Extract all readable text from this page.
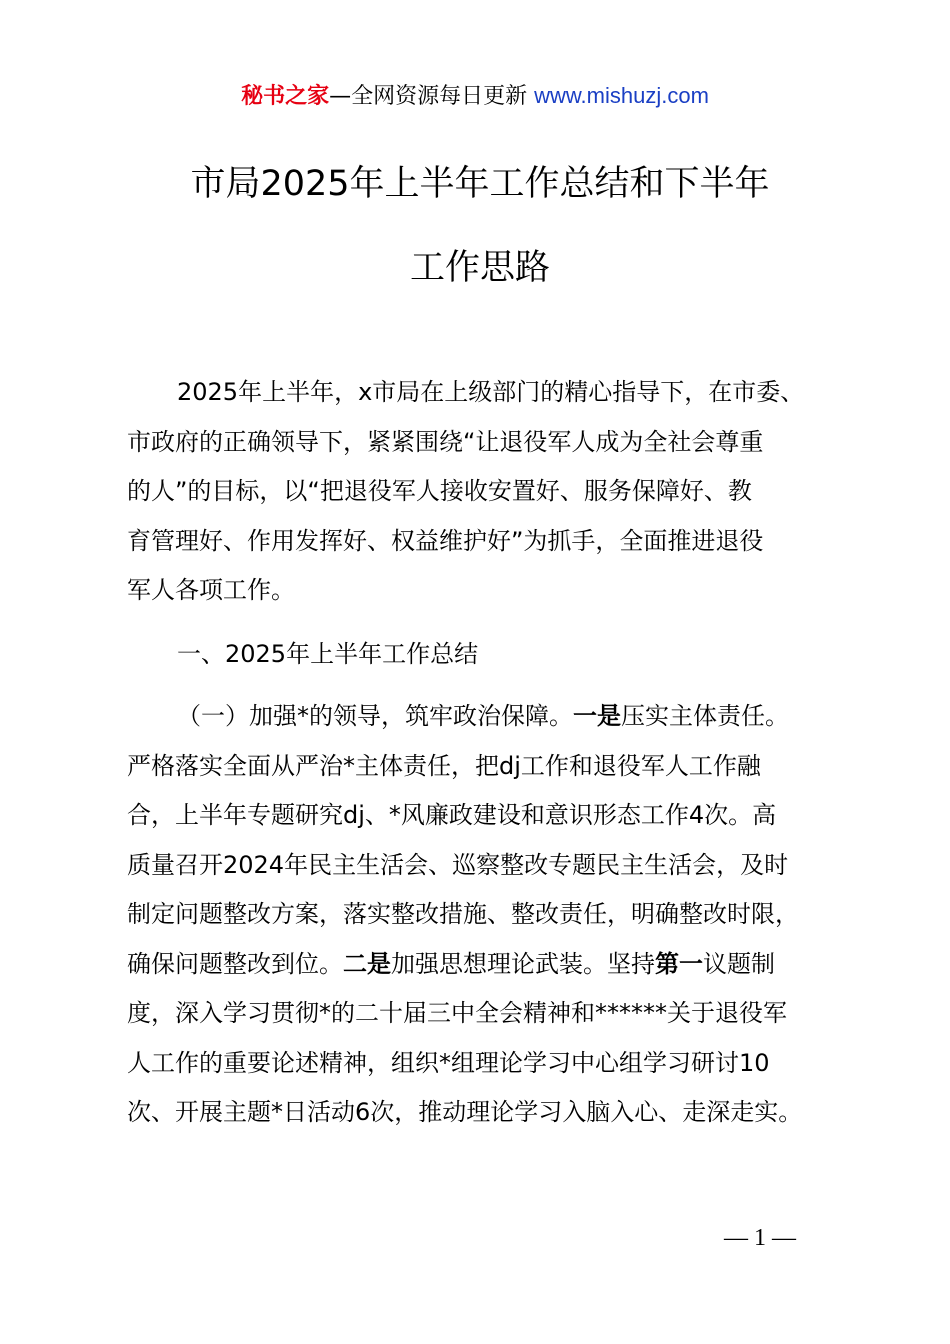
秘书之家—全网资源每日更新 www.mishuzj.com
市局2025年上半年工作总结和下半年
工作思路
2025年上半年，x市局在上级部门的精心指导下，在市委、
市政府的正确领导下，紧紧围绕“让退役军人成为全社会尊重
的人”的目标，以“把退役军人接收安置好、服务保障好、教
育管理好、作用发挥好、权益维护好”为抓手，全面推进退役
军人各项工作。
一、2025年上半年工作总结
（一）加强*的领导，筑牢政治保障。一是压实主体责任。
严格落实全面从严治*主体责任，把dj工作和退役军人工作融
合，上半年专题研究dj、*风廉政建设和意识形态工作4次。高
质量召开2024年民主生活会、巡察整改专题民主生活会，及时
制定问题整改方案，落实整改措施、整改责任，明确整改时限，
确保问题整改到位。二是加强思想理论武装。坚持第一议题制
度，深入学习贯彻*的二十届三中全会精神和******关于退役军
人工作的重要论述精神，组织*组理论学习中心组学习研讨10
次、开展主题*日活动6次，推动理论学习入脑入心、走深走实。
— 1 —
